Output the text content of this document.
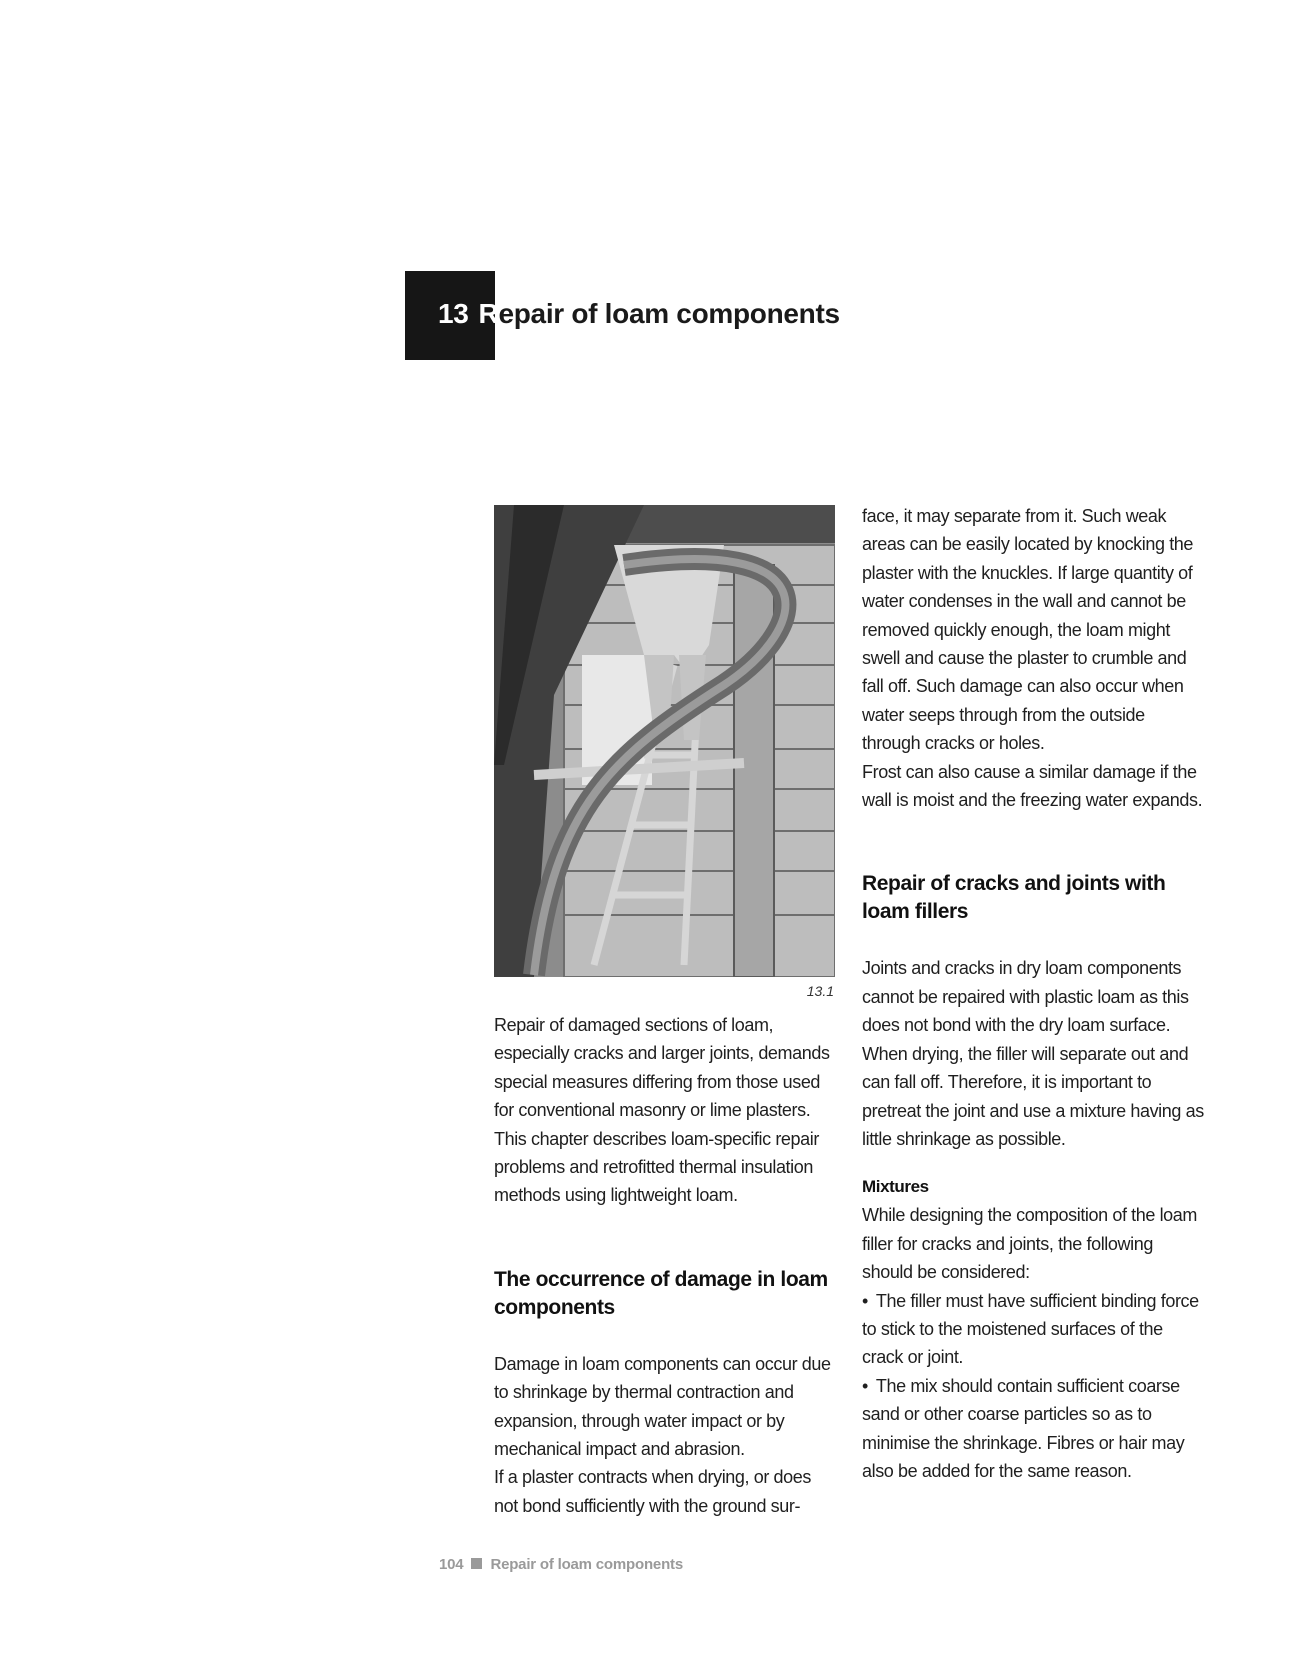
13 Repair of loam components
13.1

Repair of damaged sections of loam, especially cracks and larger joints, demands special measures differing from those used for conventional masonry or lime plasters. This chapter describes loam-specific repair problems and retrofitted thermal insulation methods using lightweight loam.

The occurrence of damage in loam components

Damage in loam components can occur due to shrinkage by thermal contraction and expansion, through water impact or by mechanical impact and abrasion.

If a plaster contracts when drying, or does not bond sufficiently with the ground sur-

face, it may separate from it. Such weak areas can be easily located by knocking the plaster with the knuckles. If large quantity of water condenses in the wall and cannot be removed quickly enough, the loam might swell and cause the plaster to crumble and fall off. Such damage can also occur when water seeps through from the outside through cracks or holes.

Frost can also cause a similar damage if the wall is moist and the freezing water expands.

Repair of cracks and joints with loam fillers

Joints and cracks in dry loam components cannot be repaired with plastic loam as this does not bond with the dry loam surface. When drying, the filler will separate out and can fall off. Therefore, it is important to pretreat the joint and use a mixture having as little shrinkage as possible.

Mixtures

While designing the composition of the loam filler for cracks and joints, the following should be considered:

• The filler must have sufficient binding force to stick to the moistened surfaces of the crack or joint.

• The mix should contain sufficient coarse sand or other coarse particles so as to minimise the shrinkage. Fibres or hair may also be added for the same reason.

104 Repair of loam components
